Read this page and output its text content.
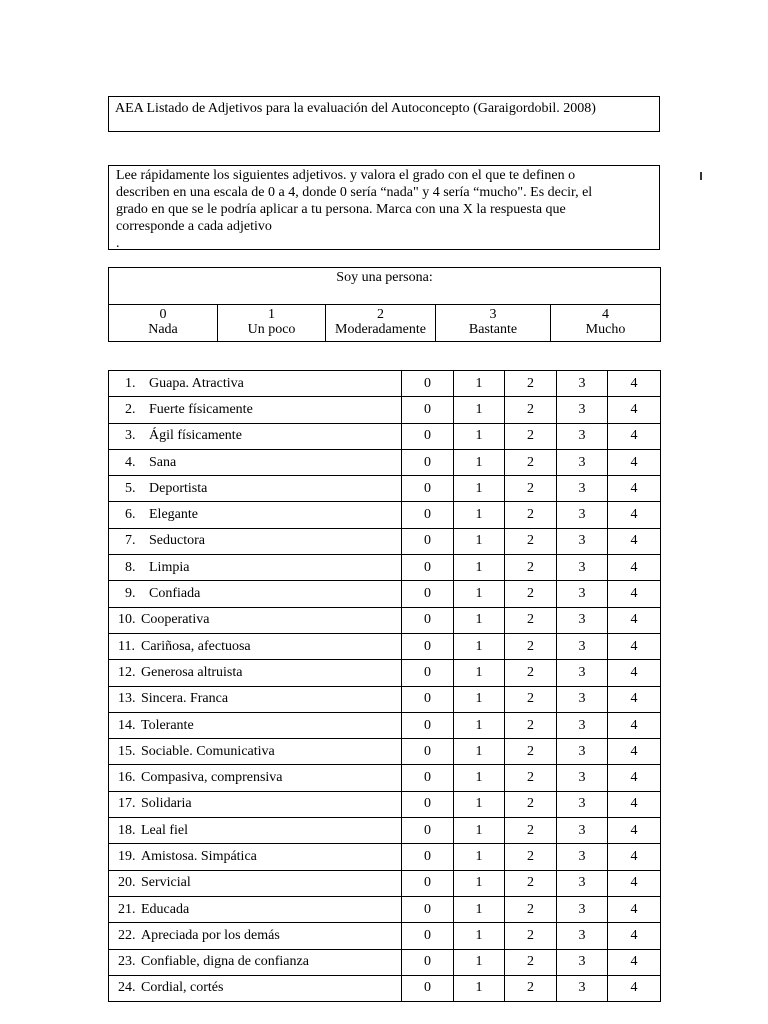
AEA Listado de Adjetivos para la evaluación del Autoconcepto (Garaigordobil. 2008)

Lee rápidamente los siguientes adjetivos. y valora el grado con el que te definen o

describen en una escala de 0 a 4, donde 0 sería “nada" y 4 sería “mucho". Es decir, el

grado en que se le podría aplicar a tu persona. Marca con una X la respuesta que

corresponde a cada adjetivo

.

Soy una persona:

0
Nada

1
Un poco

2
Moderadamente

3
Bastante

4
Mucho
1. Guapa. Atractiva	0	1	2	3	4
2. Fuerte físicamente	0	1	2	3	4
3. Ágil físicamente	0	1	2	3	4
4. Sana	0	1	2	3	4
5. Deportista	0	1	2	3	4
6. Elegante	0	1	2	3	4
7. Seductora	0	1	2	3	4
8. Limpia	0	1	2	3	4
9. Confiada	0	1	2	3	4
10. Cooperativa	0	1	2	3	4
11. Cariñosa, afectuosa	0	1	2	3	4
12. Generosa altruista	0	1	2	3	4
13. Sincera. Franca	0	1	2	3	4
14. Tolerante	0	1	2	3	4
15. Sociable. Comunicativa	0	1	2	3	4
16. Compasiva, comprensiva	0	1	2	3	4
17. Solidaria	0	1	2	3	4
18. Leal fiel	0	1	2	3	4
19. Amistosa. Simpática	0	1	2	3	4
20. Servicial	0	1	2	3	4
21. Educada	0	1	2	3	4
22. Apreciada por los demás	0	1	2	3	4
23. Confiable, digna de confianza	0	1	2	3	4
24. Cordial, cortés	0	1	2	3	4
